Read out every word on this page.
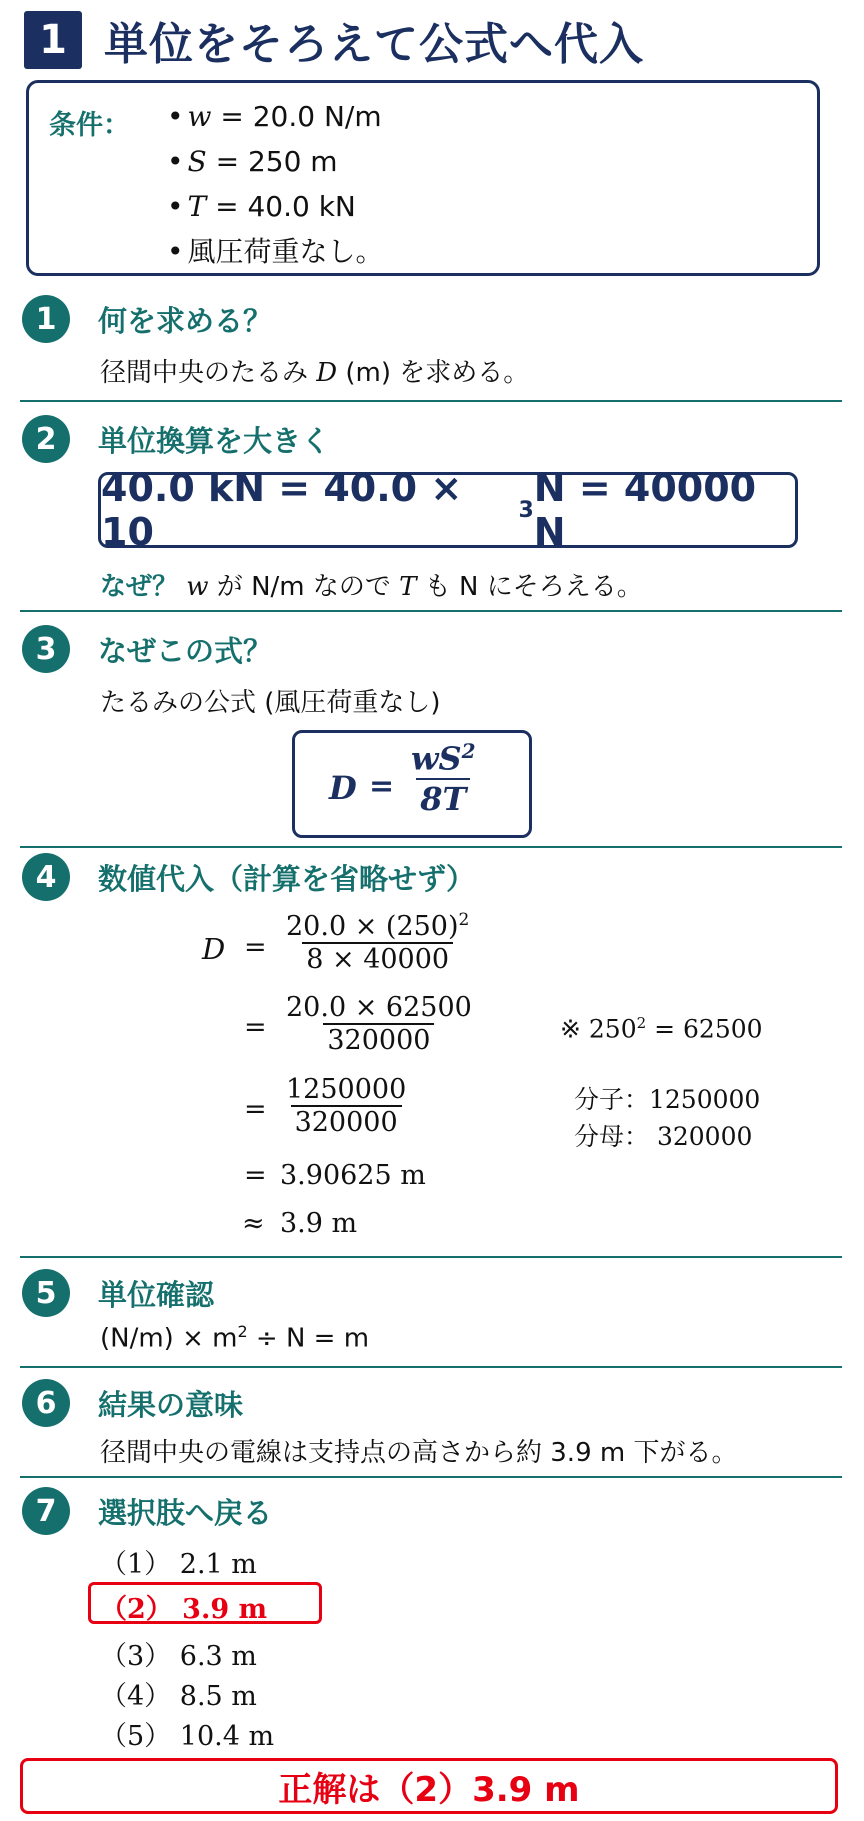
1 単位をそろえて公式へ代入
条件：
•	w = 20.0 N/m
• S = 250 m
• T = 40.0 kN
• 風圧荷重なし。
1	何を求める？
径間中央のたるみ D (m) を求める。
2	単位換算を大きく
40.0 kN = 40.0 × 10	3 N = 40000 N
なぜ？ w が N/m なので T も N にそろえる。
3	なぜこの式？
たるみの公式 (風圧荷重なし)
$D = \frac{wS^2}{8T}$
4	数値代入（計算を省略せず）
$D = \frac{20.0 \times (250)^2}{8 \times 40000}$
= $\frac{20.0 \times 62500}{320000}$	※ $250^2 = 62500$
= $\frac{1250000}{320000}$	分子：1250000
分母： 320000
= 3.90625 m
≈ 3.9 m
5	単位確認
$(N/m) \times m^2 \div N = m$
6	結果の意味
径間中央の電線は支持点の高さから約 3.9 m 下がる。
7	選択肢へ戻る
（1） 2.1 m
（2） 3.9 m
（3） 6.3 m
（4） 8.5 m
（5） 10.4 m
正解は（2）3.9 m
